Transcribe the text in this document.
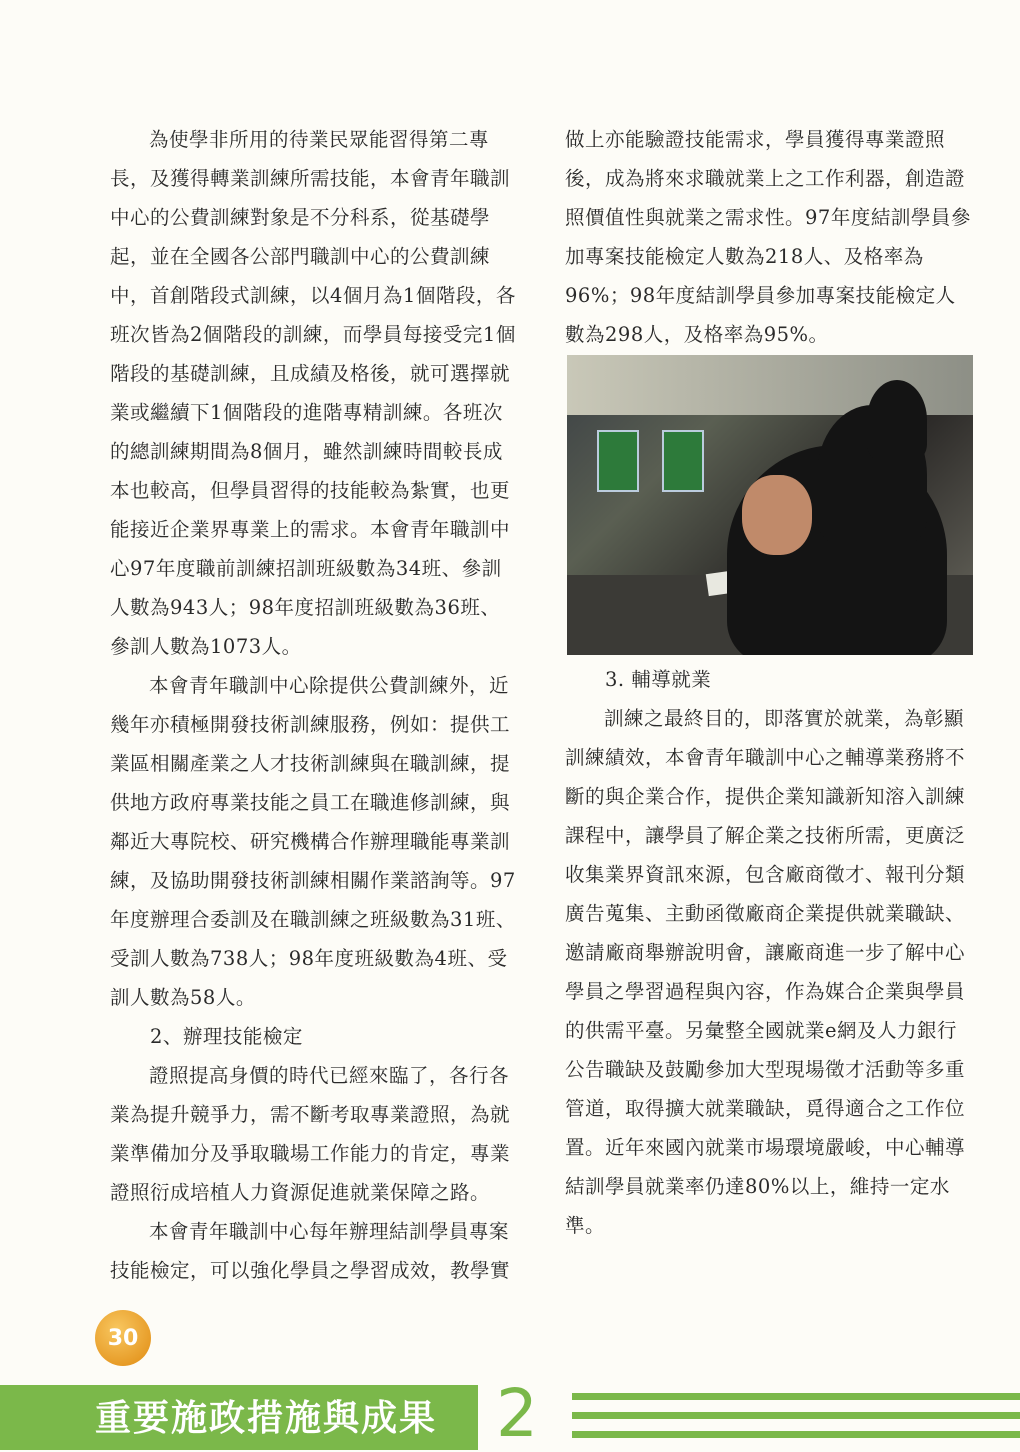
為使學非所用的待業民眾能習得第二專長，及獲得轉業訓練所需技能，本會青年職訓中心的公費訓練對象是不分科系，從基礎學起，並在全國各公部門職訓中心的公費訓練中，首創階段式訓練，以4個月為1個階段，各班次皆為2個階段的訓練，而學員每接受完1個階段的基礎訓練，且成績及格後，就可選擇就業或繼續下1個階段的進階專精訓練。各班次的總訓練期間為8個月，雖然訓練時間較長成本也較高，但學員習得的技能較為紮實，也更能接近企業界專業上的需求。本會青年職訓中心97年度職前訓練招訓班級數為34班、參訓人數為943人；98年度招訓班級數為36班、參訓人數為1073人。

本會青年職訓中心除提供公費訓練外，近幾年亦積極開發技術訓練服務，例如：提供工業區相關產業之人才技術訓練與在職訓練，提供地方政府專業技能之員工在職進修訓練，與鄰近大專院校、研究機構合作辦理職能專業訓練，及協助開發技術訓練相關作業諮詢等。97年度辦理合委訓及在職訓練之班級數為31班、受訓人數為738人；98年度班級數為4班、受訓人數為58人。

2、辦理技能檢定

證照提高身價的時代已經來臨了，各行各業為提升競爭力，需不斷考取專業證照，為就業準備加分及爭取職場工作能力的肯定，專業證照衍成培植人力資源促進就業保障之路。

本會青年職訓中心每年辦理結訓學員專案技能檢定，可以強化學員之學習成效，教學實

做上亦能驗證技能需求，學員獲得專業證照後，成為將來求職就業上之工作利器，創造證照價值性與就業之需求性。97年度結訓學員參加專案技能檢定人數為218人、及格率為96%；98年度結訓學員參加專案技能檢定人數為298人，及格率為95%。

3. 輔導就業

訓練之最終目的，即落實於就業，為彰顯訓練績效，本會青年職訓中心之輔導業務將不斷的與企業合作，提供企業知識新知溶入訓練課程中，讓學員了解企業之技術所需，更廣泛收集業界資訊來源，包含廠商徵才、報刊分類廣告蒐集、主動函徵廠商企業提供就業職缺、邀請廠商舉辦說明會，讓廠商進一步了解中心學員之學習過程與內容，作為媒合企業與學員的供需平臺。另彙整全國就業e網及人力銀行公告職缺及鼓勵參加大型現場徵才活動等多重管道，取得擴大就業職缺，覓得適合之工作位置。近年來國內就業市場環境嚴峻，中心輔導結訓學員就業率仍達80%以上，維持一定水準。

30
重要施政措施與成果 2
